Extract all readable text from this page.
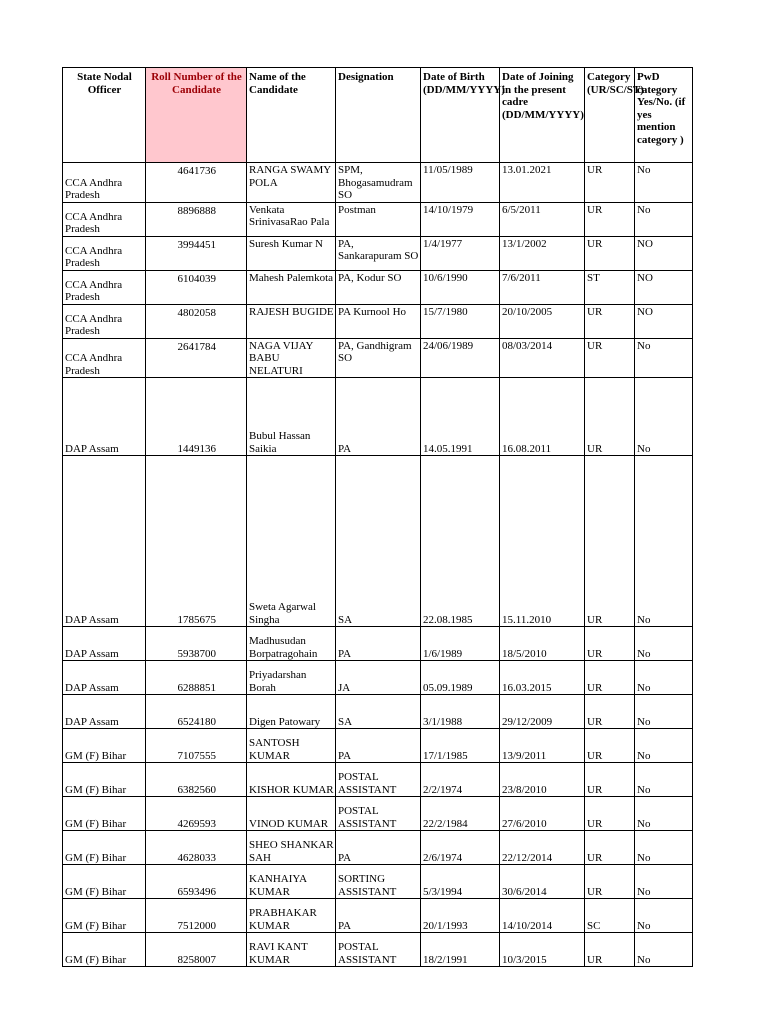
State Nodal Officer	Roll Number of the Candidate	Name of the Candidate	Designation	Date of Birth (DD/MM/YYYY)	Date of Joining in the present cadre (DD/MM/YYYY)	Category (UR/SC/ST)	PwD category Yes/No. (if yes mention category )
CCA Andhra Pradesh	4641736	RANGA SWAMY POLA	SPM, Bhogasamudram SO	11/05/1989	13.01.2021	UR	No
CCA Andhra Pradesh	8896888	Venkata SrinivasaRao Pala	Postman	14/10/1979	6/5/2011	UR	No
CCA Andhra Pradesh	3994451	Suresh Kumar N	PA, Sankarapuram SO	1/4/1977	13/1/2002	UR	NO
CCA Andhra Pradesh	6104039	Mahesh Palemkota	PA, Kodur SO	10/6/1990	7/6/2011	ST	NO
CCA Andhra Pradesh	4802058	RAJESH BUGIDE	PA Kurnool Ho	15/7/1980	20/10/2005	UR	NO
CCA Andhra Pradesh	2641784	NAGA VIJAY BABU NELATURI	PA, Gandhigram SO	24/06/1989	08/03/2014	UR	No
DAP Assam	1449136	Bubul Hassan Saikia	PA	14.05.1991	16.08.2011	UR	No
DAP Assam	1785675	Sweta Agarwal Singha	SA	22.08.1985	15.11.2010	UR	No
DAP Assam	5938700	Madhusudan Borpatragohain	PA	1/6/1989	18/5/2010	UR	No
DAP Assam	6288851	Priyadarshan Borah	JA	05.09.1989	16.03.2015	UR	No
DAP Assam	6524180	Digen Patowary	SA	3/1/1988	29/12/2009	UR	No
GM (F) Bihar	7107555	SANTOSH KUMAR	PA	17/1/1985	13/9/2011	UR	No
GM (F) Bihar	6382560	KISHOR KUMAR	POSTAL ASSISTANT	2/2/1974	23/8/2010	UR	No
GM (F) Bihar	4269593	VINOD KUMAR	POSTAL ASSISTANT	22/2/1984	27/6/2010	UR	No
GM (F) Bihar	4628033	SHEO SHANKAR SAH	PA	2/6/1974	22/12/2014	UR	No
GM (F) Bihar	6593496	KANHAIYA KUMAR	SORTING ASSISTANT	5/3/1994	30/6/2014	UR	No
GM (F) Bihar	7512000	PRABHAKAR KUMAR	PA	20/1/1993	14/10/2014	SC	No
GM (F) Bihar	8258007	RAVI KANT KUMAR	POSTAL ASSISTANT	18/2/1991	10/3/2015	UR	No
